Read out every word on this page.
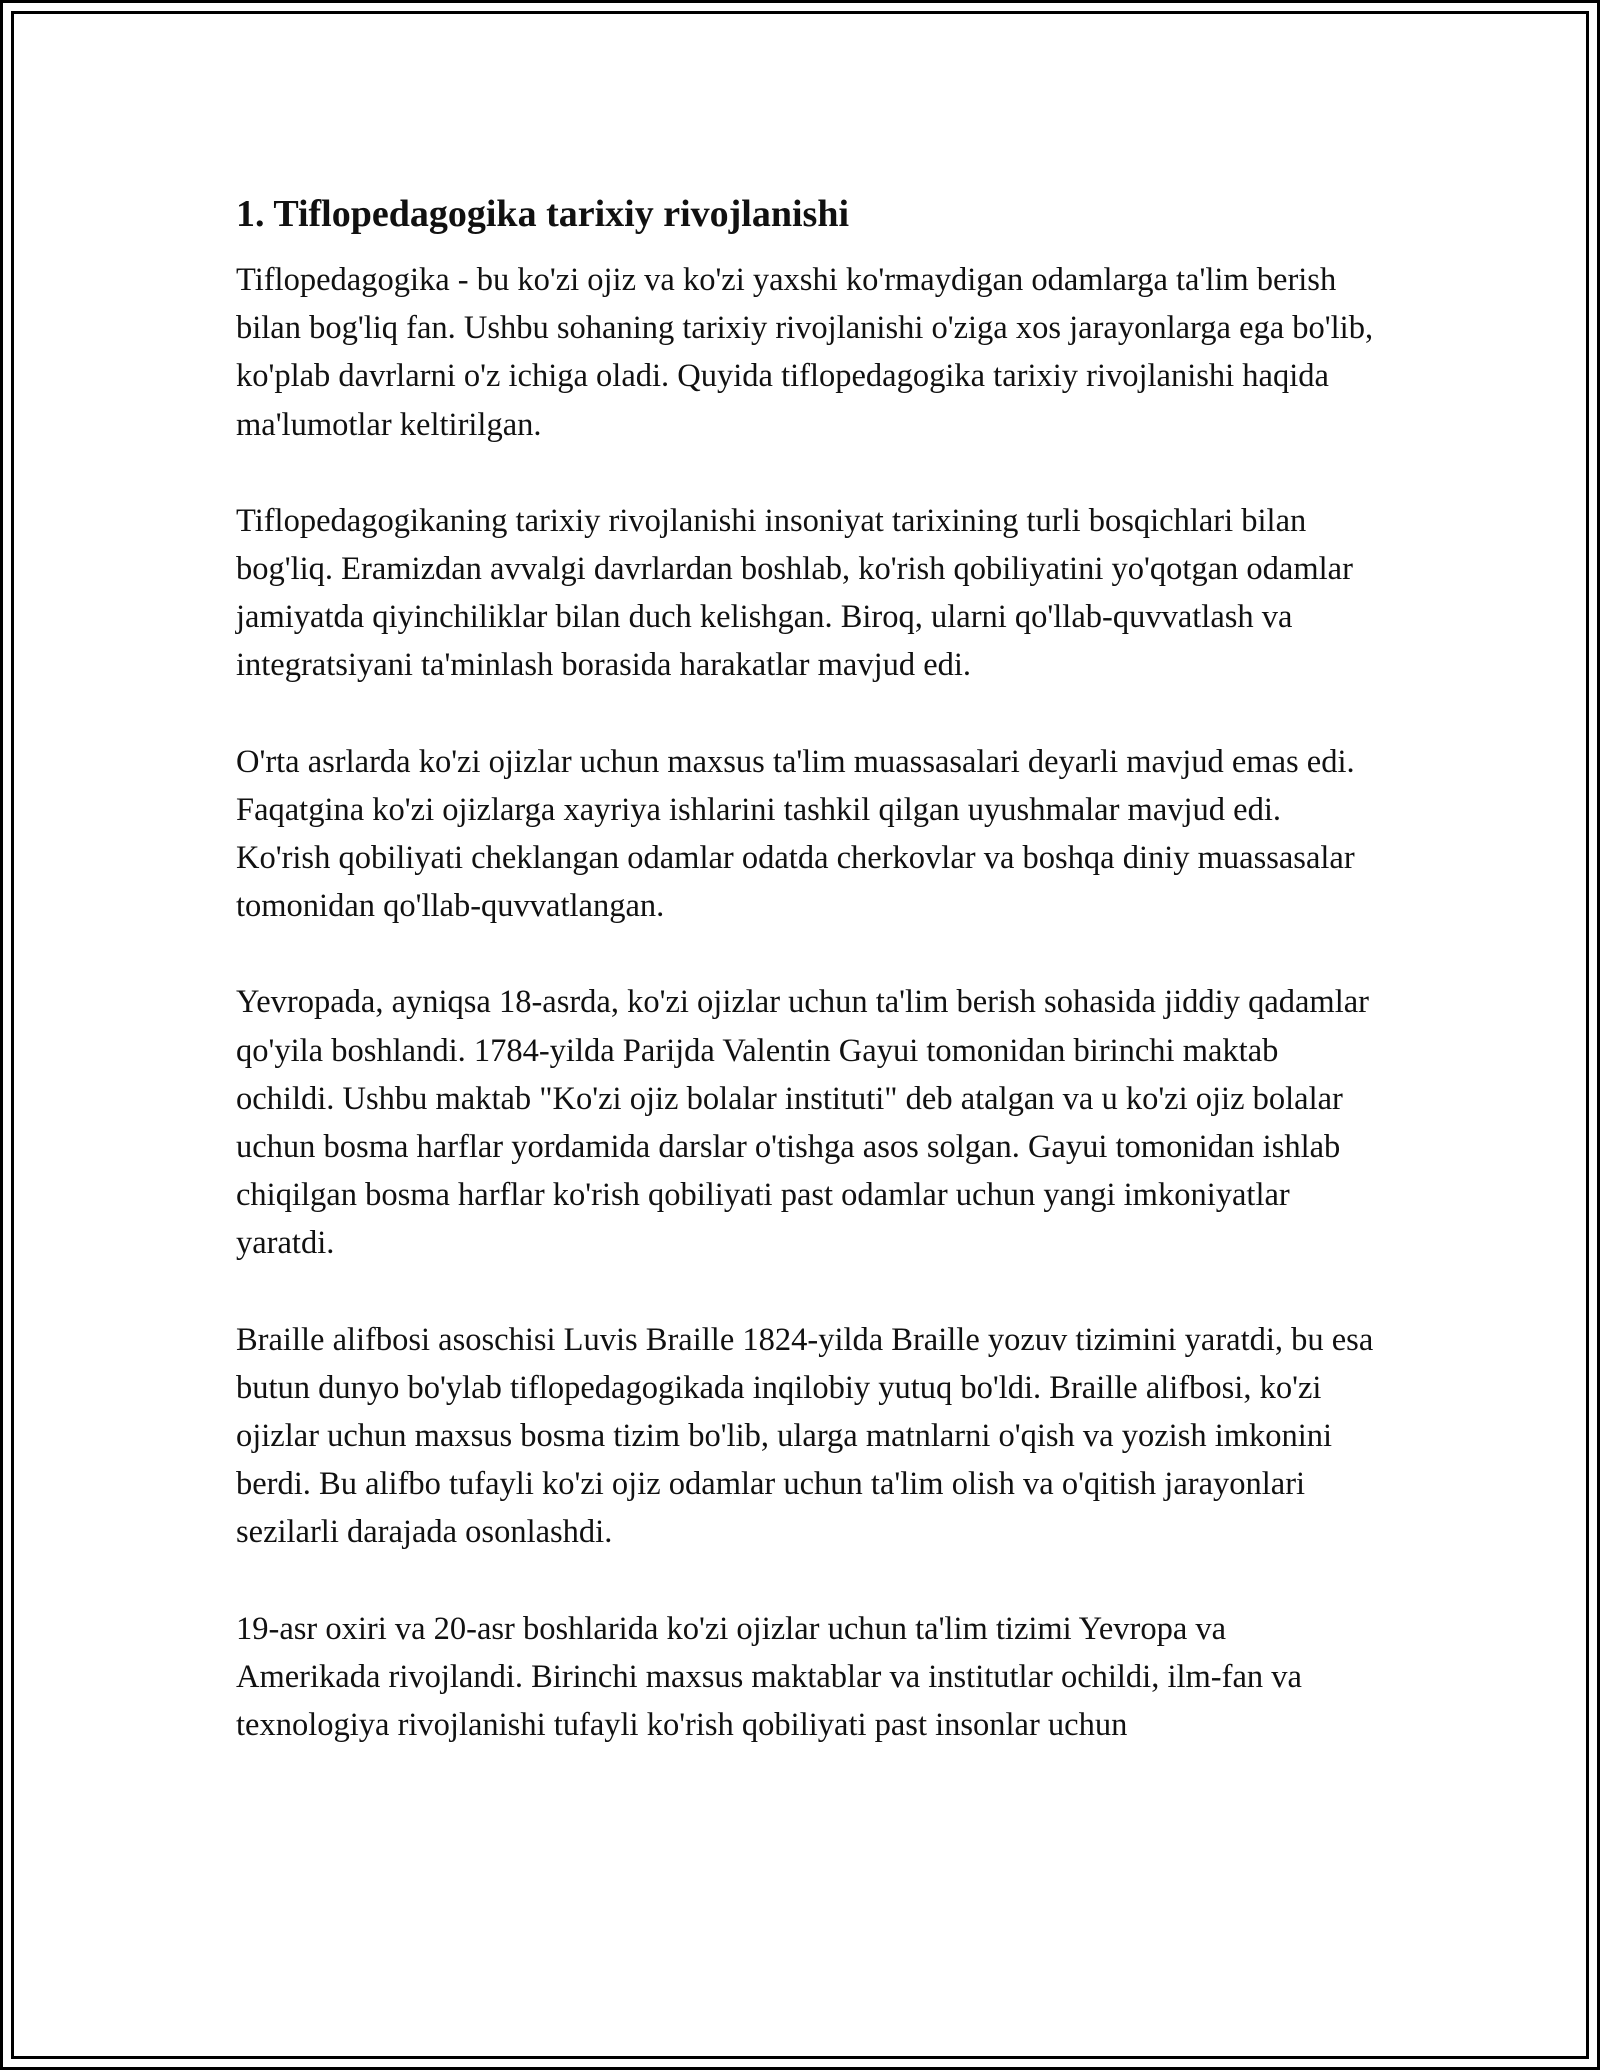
1. Tiflopedagogika tarixiy rivojlanishi

Tiflopedagogika - bu ko'zi ojiz va ko'zi yaxshi ko'rmaydigan odamlarga ta'lim berish bilan bog'liq fan. Ushbu sohaning tarixiy rivojlanishi o'ziga xos jarayonlarga ega bo'lib, ko'plab davrlarni o'z ichiga oladi. Quyida tiflopedagogika tarixiy rivojlanishi haqida ma'lumotlar keltirilgan.

Tiflopedagogikaning tarixiy rivojlanishi insoniyat tarixining turli bosqichlari bilan bog'liq. Eramizdan avvalgi davrlardan boshlab, ko'rish qobiliyatini yo'qotgan odamlar jamiyatda qiyinchiliklar bilan duch kelishgan. Biroq, ularni qo'llab-quvvatlash va integratsiyani ta'minlash borasida harakatlar mavjud edi.

O'rta asrlarda ko'zi ojizlar uchun maxsus ta'lim muassasalari deyarli mavjud emas edi. Faqatgina ko'zi ojizlarga xayriya ishlarini tashkil qilgan uyushmalar mavjud edi. Ko'rish qobiliyati cheklangan odamlar odatda cherkovlar va boshqa diniy muassasalar tomonidan qo'llab-quvvatlangan.

Yevropada, ayniqsa 18-asrda, ko'zi ojizlar uchun ta'lim berish sohasida jiddiy qadamlar qo'yila boshlandi. 1784-yilda Parijda Valentin Gayui tomonidan birinchi maktab ochildi. Ushbu maktab "Ko'zi ojiz bolalar instituti" deb atalgan va u ko'zi ojiz bolalar uchun bosma harflar yordamida darslar o'tishga asos solgan. Gayui tomonidan ishlab chiqilgan bosma harflar ko'rish qobiliyati past odamlar uchun yangi imkoniyatlar yaratdi.

Braille alifbosi asoschisi Luvis Braille 1824-yilda Braille yozuv tizimini yaratdi, bu esa butun dunyo bo'ylab tiflopedagogikada inqilobiy yutuq bo'ldi. Braille alifbosi, ko'zi ojizlar uchun maxsus bosma tizim bo'lib, ularga matnlarni o'qish va yozish imkonini berdi. Bu alifbo tufayli ko'zi ojiz odamlar uchun ta'lim olish va o'qitish jarayonlari sezilarli darajada osonlashdi.

19-asr oxiri va 20-asr boshlarida ko'zi ojizlar uchun ta'lim tizimi Yevropa va Amerikada rivojlandi. Birinchi maxsus maktablar va institutlar ochildi, ilm-fan va texnologiya rivojlanishi tufayli ko'rish qobiliyati past insonlar uchun
